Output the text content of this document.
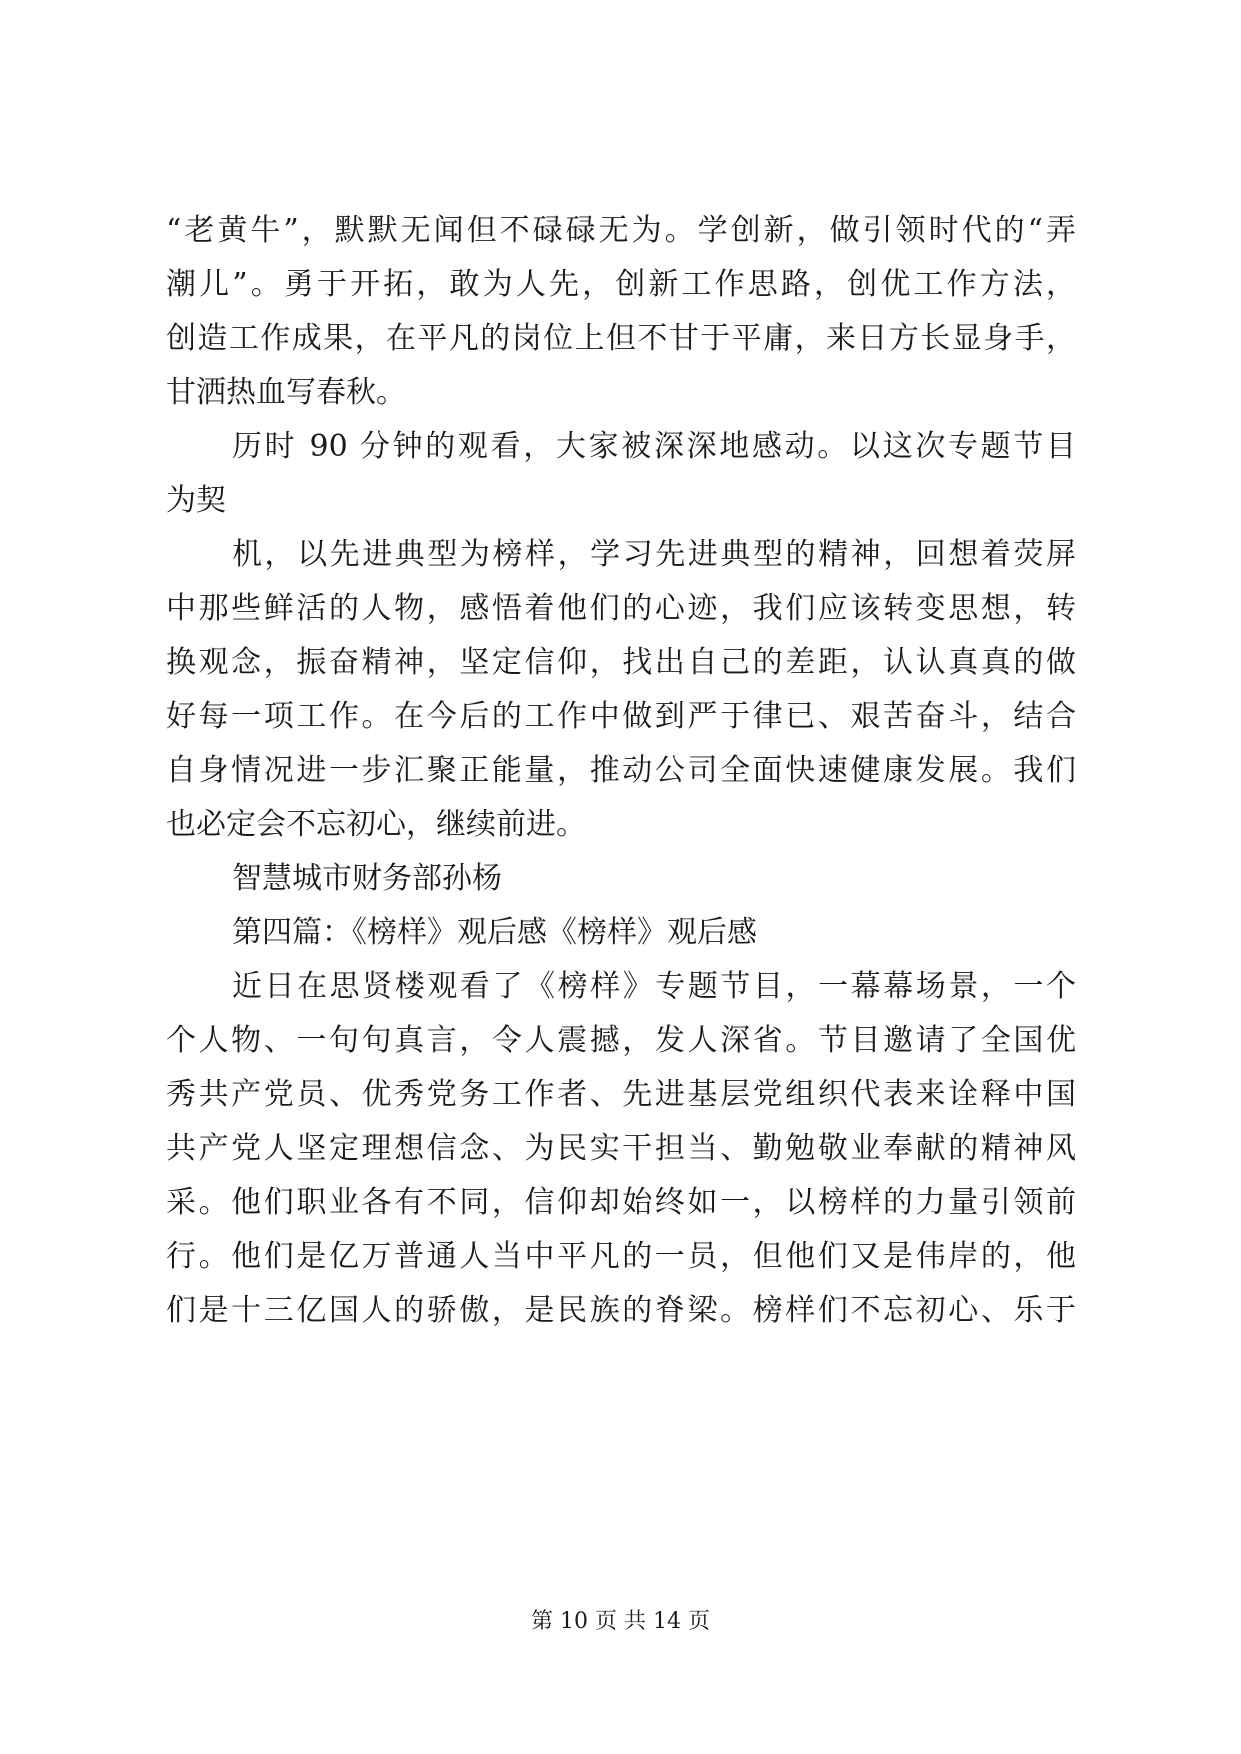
“老黄牛”，默默无闻但不碌碌无为。学创新，做引领时代的“弄
潮儿”。勇于开拓，敢为人先，创新工作思路，创优工作方法，
创造工作成果，在平凡的岗位上但不甘于平庸，来日方长显身手，
甘洒热血写春秋。
历时 90 分钟的观看，大家被深深地感动。以这次专题节目
为契
机，以先进典型为榜样，学习先进典型的精神，回想着荧屏
中那些鲜活的人物，感悟着他们的心迹，我们应该转变思想，转
换观念，振奋精神，坚定信仰，找出自己的差距，认认真真的做
好每一项工作。在今后的工作中做到严于律已、艰苦奋斗，结合
自身情况进一步汇聚正能量，推动公司全面快速健康发展。我们
也必定会不忘初心，继续前进。
智慧城市财务部孙杨
第四篇：《榜样》观后感《榜样》观后感
近日在思贤楼观看了《榜样》专题节目，一幕幕场景，一个
个人物、一句句真言，令人震撼，发人深省。节目邀请了全国优
秀共产党员、优秀党务工作者、先进基层党组织代表来诠释中国
共产党人坚定理想信念、为民实干担当、勤勉敬业奉献的精神风
采。他们职业各有不同，信仰却始终如一，以榜样的力量引领前
行。他们是亿万普通人当中平凡的一员，但他们又是伟岸的，他
们是十三亿国人的骄傲，是民族的脊梁。榜样们不忘初心、乐于
第 10 页 共 14 页
